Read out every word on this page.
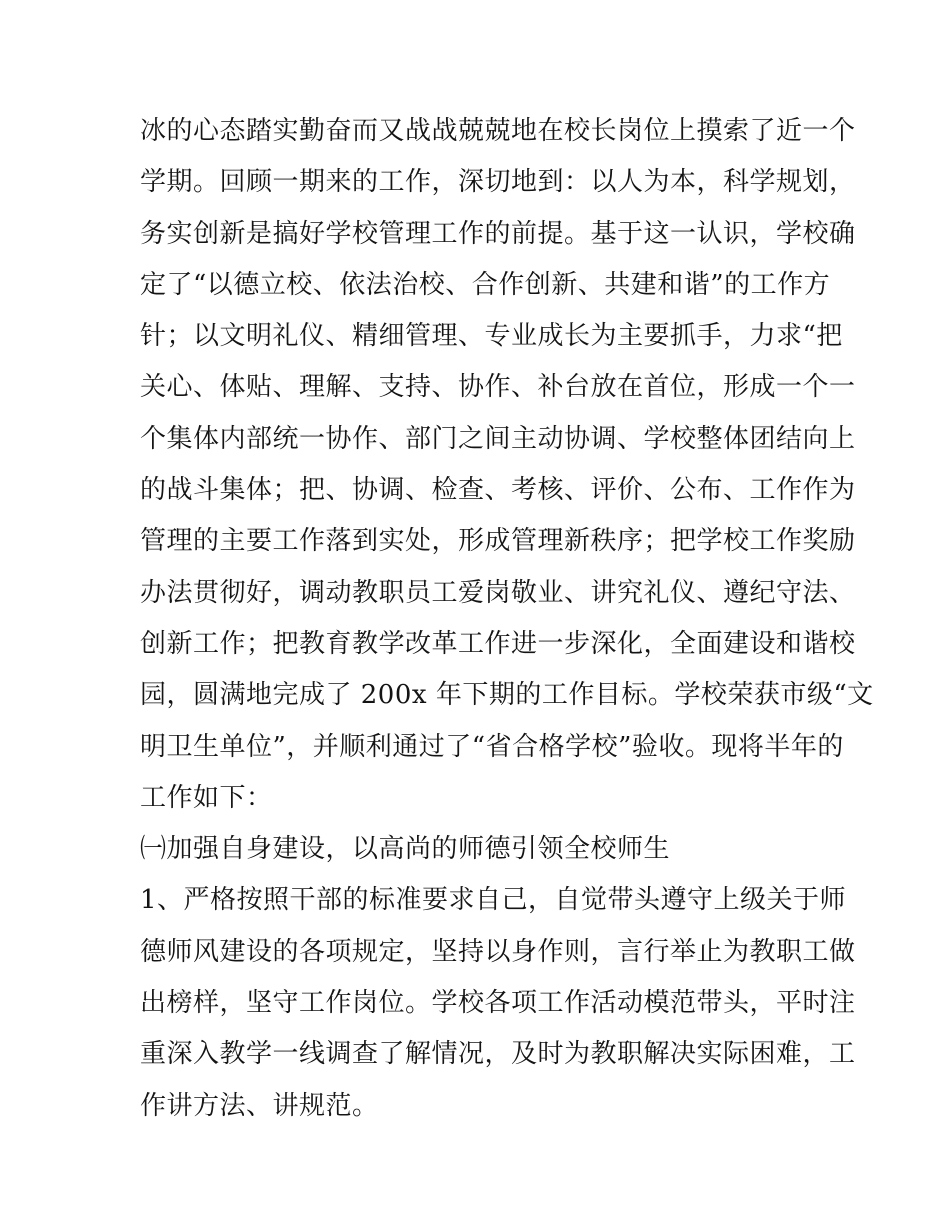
冰的心态踏实勤奋而又战战兢兢地在校长岗位上摸索了近一个
学期。回顾一期来的工作，深切地到：以人为本，科学规划，
务实创新是搞好学校管理工作的前提。基于这一认识，学校确
定了“以德立校、依法治校、合作创新、共建和谐”的工作方
针；以文明礼仪、精细管理、专业成长为主要抓手，力求“把
关心、体贴、理解、支持、协作、补台放在首位，形成一个一
个集体内部统一协作、部门之间主动协调、学校整体团结向上
的战斗集体；把、协调、检查、考核、评价、公布、工作作为
管理的主要工作落到实处，形成管理新秩序；把学校工作奖励
办法贯彻好，调动教职员工爱岗敬业、讲究礼仪、遵纪守法、
创新工作；把教育教学改革工作进一步深化，全面建设和谐校
园，圆满地完成了 200x 年下期的工作目标。学校荣获市级“文
明卫生单位”，并顺利通过了“省合格学校”验收。现将半年的
工作如下：
㈠加强自身建设，以高尚的师德引领全校师生
1、严格按照干部的标准要求自己，自觉带头遵守上级关于师
德师风建设的各项规定，坚持以身作则，言行举止为教职工做
出榜样，坚守工作岗位。学校各项工作活动模范带头，平时注
重深入教学一线调查了解情况，及时为教职解决实际困难，工
作讲方法、讲规范。
